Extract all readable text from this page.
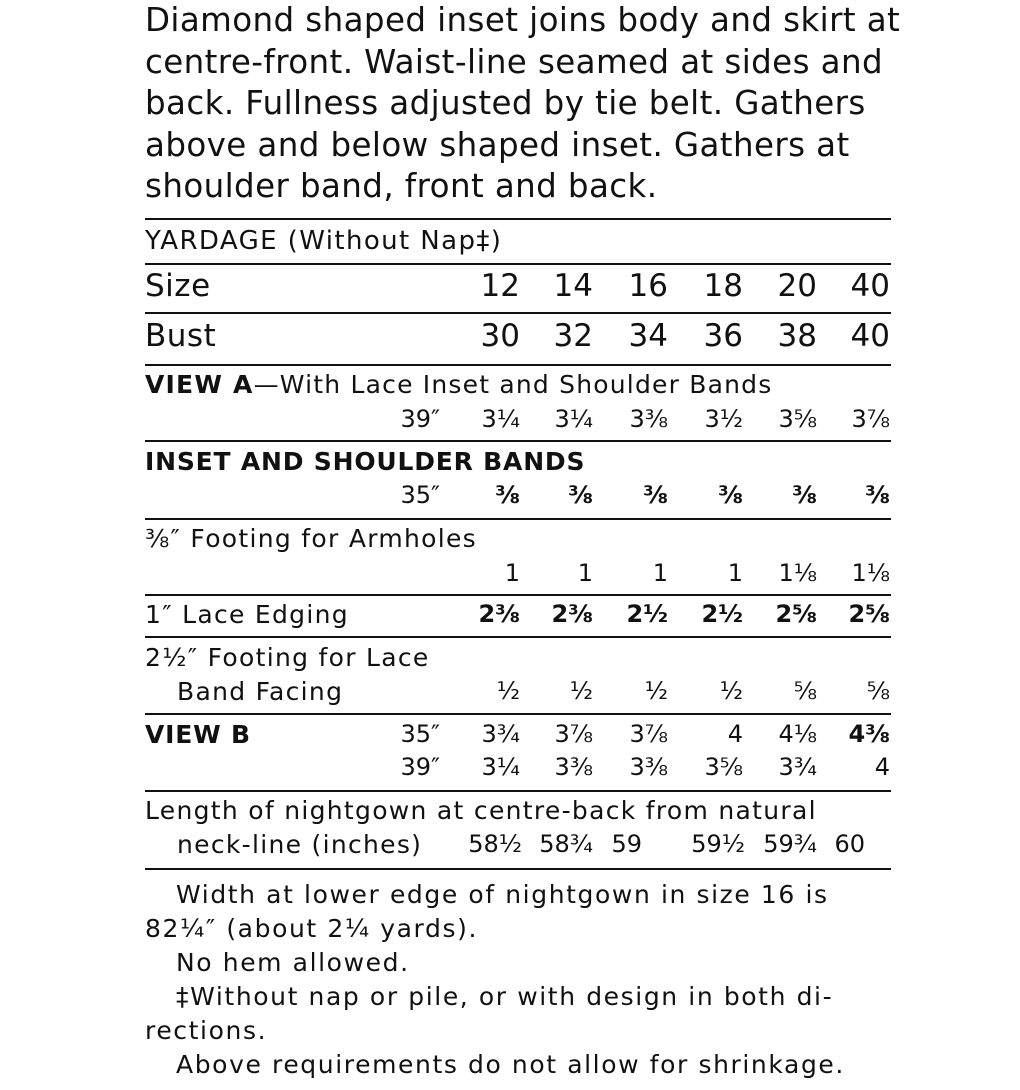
Diamond shaped inset joins body and skirt at
centre-front. Waist-line seamed at sides and
back. Fullness adjusted by tie belt. Gathers
above and below shaped inset. Gathers at
shoulder band, front and back.
YARDAGE (Without Nap‡)
Size	12	14	16	18	20	40
Bust	30	32	34	36	38	40
VIEW A—With Lace Inset and Shoulder Bands
39″	3¼	3¼	3⅜	3½	3⅝	3⅞
INSET AND SHOULDER BANDS
35″	⅜	⅜	⅜	⅜	⅜	⅜
⅜″ Footing for Armholes
1	1	1	1	1⅛	1⅛
1″ Lace Edging	2⅜	2⅜	2½	2½	2⅝	2⅝
2½″ Footing for Lace
Band Facing	½	½	½	½	⅝	⅝
VIEW B	35″	3¾	3⅞	3⅞	4	4⅛	4⅜
39″	3¼	3⅜	3⅜	3⅝	3¾	4
Length of nightgown at centre-back from natural
neck-line (inches)	58½ 58¾ 59	59½ 59¾ 60
Width at lower edge of nightgown in size 16 is
82¼″ (about 2¼ yards).
No hem allowed.
‡Without nap or pile, or with design in both di-
rections.
Above requirements do not allow for shrinkage.
